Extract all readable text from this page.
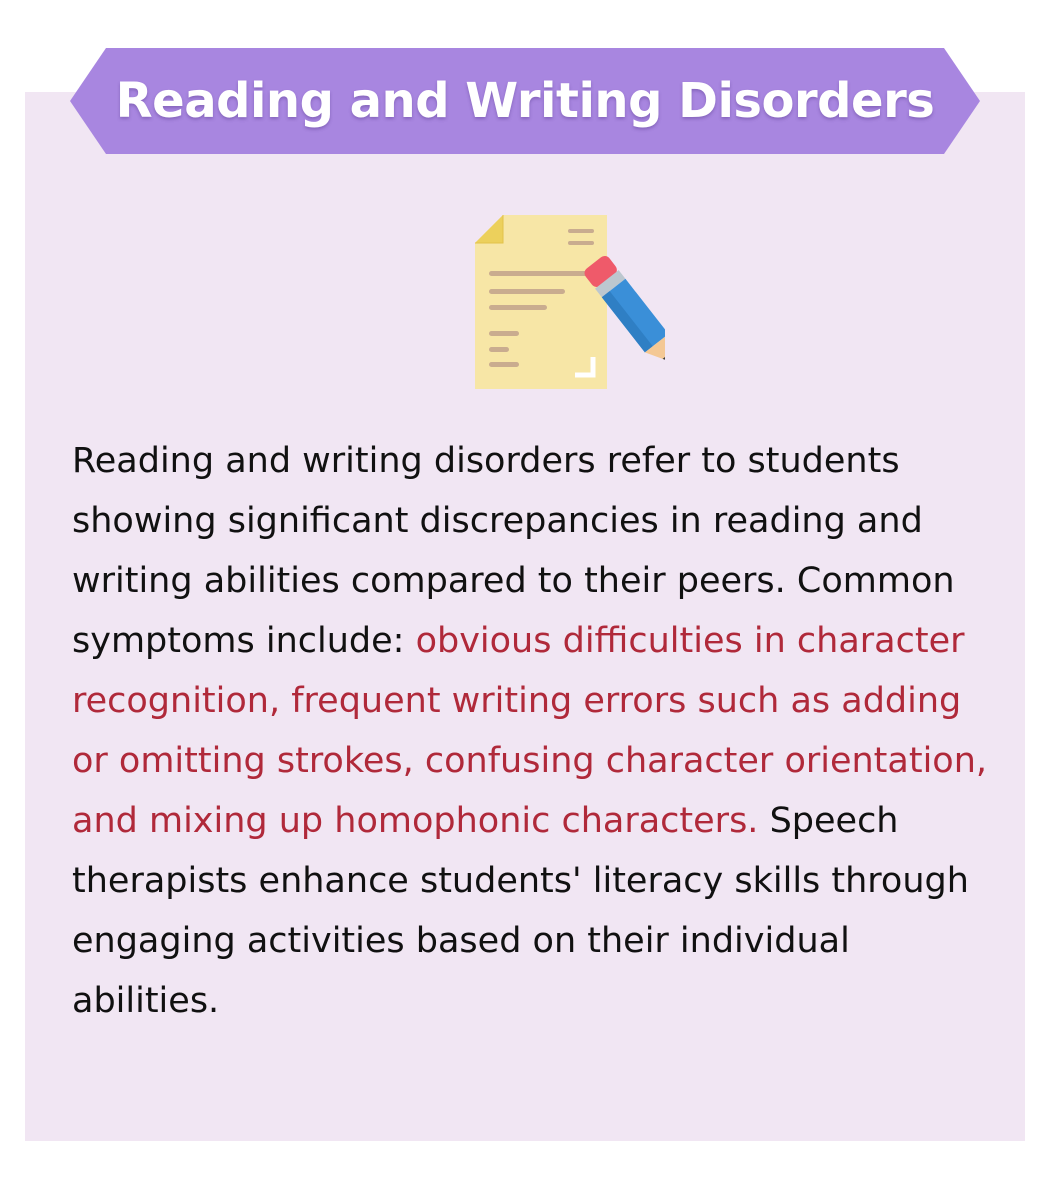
Reading and Writing Disorders

Reading and writing disorders refer to students showing significant discrepancies in reading and writing abilities compared to their peers. Common symptoms include: obvious difficulties in character recognition, frequent writing errors such as adding or omitting strokes, confusing character orientation, and mixing up homophonic characters. Speech therapists enhance students' literacy skills through engaging activities based on their individual abilities.
